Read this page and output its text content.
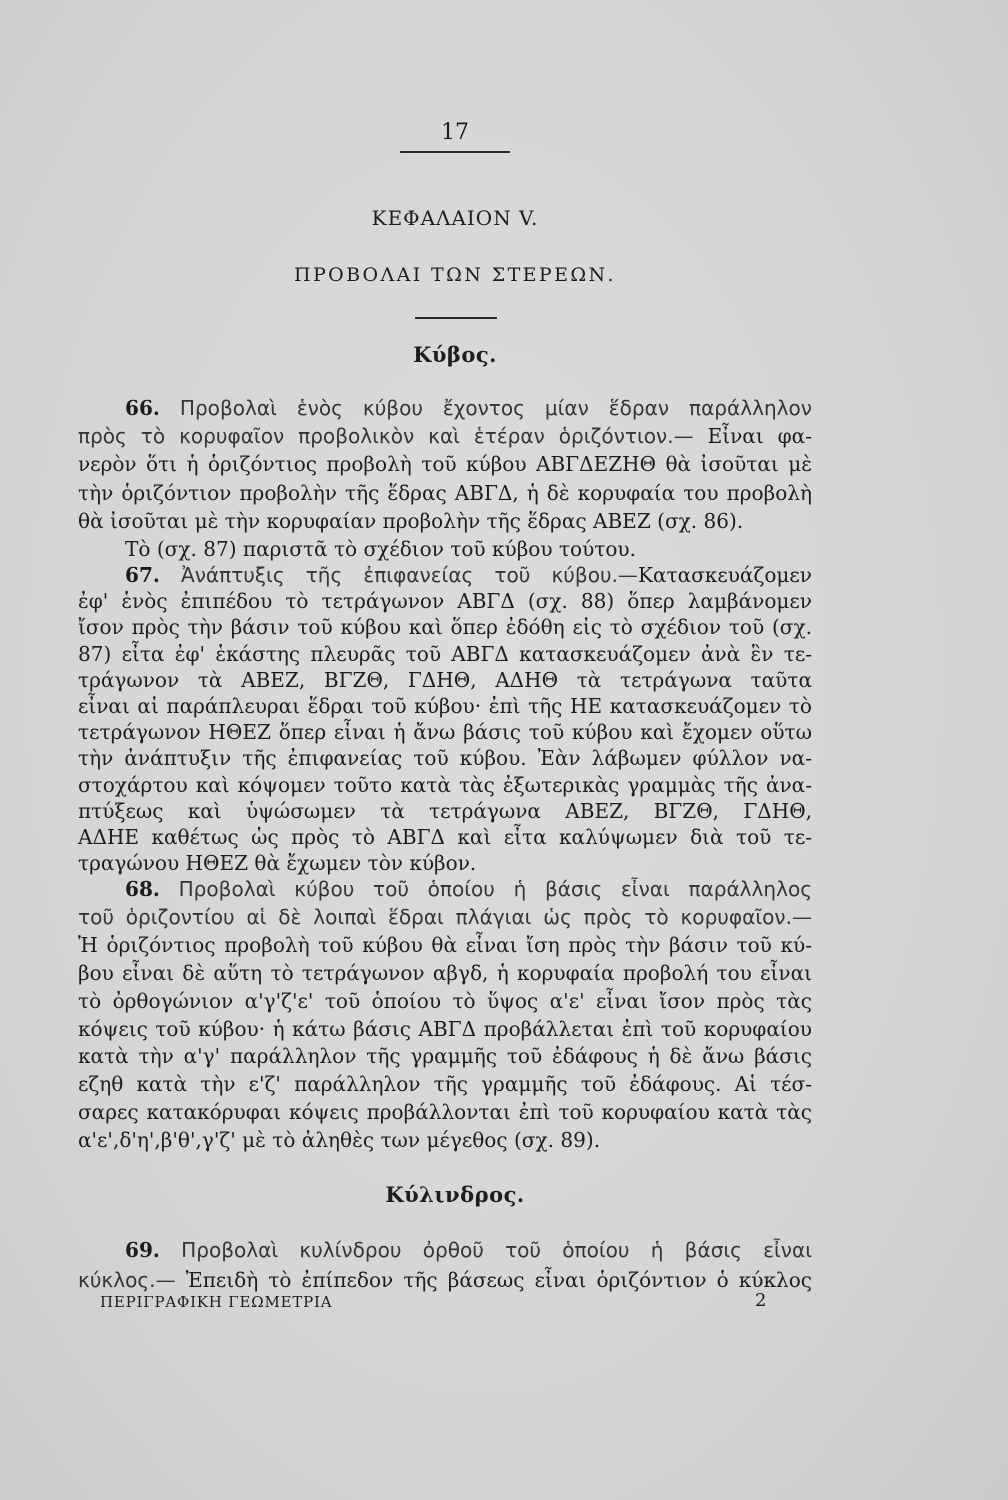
17
ΚΕΦΑΛΑΙΟΝ V.
ΠΡΟΒΟΛΑΙ ΤΩΝ ΣΤΕΡΕΩΝ.
Κύβος.
66. Προβολαὶ ἑνὸς κύβου ἔχοντος μίαν ἕδραν παράλληλον
πρὸς τὸ κορυφαῖον προβολικὸν καὶ ἑτέραν ὁριζόντιον.— Εἶναι φα-
νερὸν ὅτι ἡ ὁριζόντιος προβολὴ τοῦ κύβου ΑΒΓΔΕΖΗΘ θὰ ἰσοῦται μὲ
τὴν ὁριζόντιον προβολὴν τῆς ἕδρας ΑΒΓΔ, ἡ δὲ κορυφαία του προβολὴ
θὰ ἰσοῦται μὲ τὴν κορυφαίαν προβολὴν τῆς ἕδρας ΑΒΕΖ (σχ. 86).
Τὸ (σχ. 87) παριστᾶ τὸ σχέδιον τοῦ κύβου τούτου.
67. Ἀνάπτυξις τῆς ἐπιφανείας τοῦ κύβου.—Κατασκευάζομεν
ἐφ' ἑνὸς ἐπιπέδου τὸ τετράγωνον ΑΒΓΔ (σχ. 88) ὅπερ λαμβάνομεν
ἴσον πρὸς τὴν βάσιν τοῦ κύβου καὶ ὅπερ ἐδόθη εἰς τὸ σχέδιον τοῦ (σχ.
87) εἶτα ἐφ' ἑκάστης πλευρᾶς τοῦ ΑΒΓΔ κατασκευάζομεν ἀνὰ ἓν τε-
τράγωνον τὰ ΑΒΕΖ, ΒΓΖΘ, ΓΔΗΘ, ΑΔΗΘ τὰ τετράγωνα ταῦτα
εἶναι αἱ παράπλευραι ἕδραι τοῦ κύβου· ἐπὶ τῆς ΗΕ κατασκευάζομεν τὸ
τετράγωνον ΗΘΕΖ ὅπερ εἶναι ἡ ἄνω βάσις τοῦ κύβου καὶ ἔχομεν οὕτω
τὴν ἀνάπτυξιν τῆς ἐπιφανείας τοῦ κύβου. Ἐὰν λάβωμεν φύλλον να-
στοχάρτου καὶ κόψομεν τοῦτο κατὰ τὰς ἐξωτερικὰς γραμμὰς τῆς ἀνα-
πτύξεως καὶ ὑψώσωμεν τὰ τετράγωνα ΑΒΕΖ, ΒΓΖΘ, ΓΔΗΘ,
ΑΔΗΕ καθέτως ὡς πρὸς τὸ ΑΒΓΔ καὶ εἶτα καλύψωμεν διὰ τοῦ τε-
τραγώνου ΗΘΕΖ θὰ ἔχωμεν τὸν κύβον.
68. Προβολαὶ κύβου τοῦ ὁποίου ἡ βάσις εἶναι παράλληλος
τοῦ ὁριζοντίου αἱ δὲ λοιπαὶ ἕδραι πλάγιαι ὡς πρὸς τὸ κορυφαῖον.—
Ἡ ὁριζόντιος προβολὴ τοῦ κύβου θὰ εἶναι ἴση πρὸς τὴν βάσιν τοῦ κύ-
βου εἶναι δὲ αὕτη τὸ τετράγωνον αβγδ, ἡ κορυφαία προβολή του εἶναι
τὸ ὀρθογώνιον α'γ'ζ'ε' τοῦ ὁποίου τὸ ὕψος α'ε' εἶναι ἴσον πρὸς τὰς
κόψεις τοῦ κύβου· ἡ κάτω βάσις ΑΒΓΔ προβάλλεται ἐπὶ τοῦ κορυφαίου
κατὰ τὴν α'γ' παράλληλον τῆς γραμμῆς τοῦ ἐδάφους ἡ δὲ ἄνω βάσις
εζηθ κατὰ τὴν ε'ζ' παράλληλον τῆς γραμμῆς τοῦ ἐδάφους. Αἱ τέσ-
σαρες κατακόρυφαι κόψεις προβάλλονται ἐπὶ τοῦ κορυφαίου κατὰ τὰς
α'ε',δ'η',β'θ',γ'ζ' μὲ τὸ ἀληθὲς των μέγεθος (σχ. 89).
Κύλινδρος.
69. Προβολαὶ κυλίνδρου ὀρθοῦ τοῦ ὁποίου ἡ βάσις εἶναι
κύκλος.— Ἐπειδὴ τὸ ἐπίπεδον τῆς βάσεως εἶναι ὁριζόντιον ὁ κύκλος
ΠΕΡΙΓΡΑΦΙΚΗ ΓΕΩΜΕΤΡΙΑ	2
